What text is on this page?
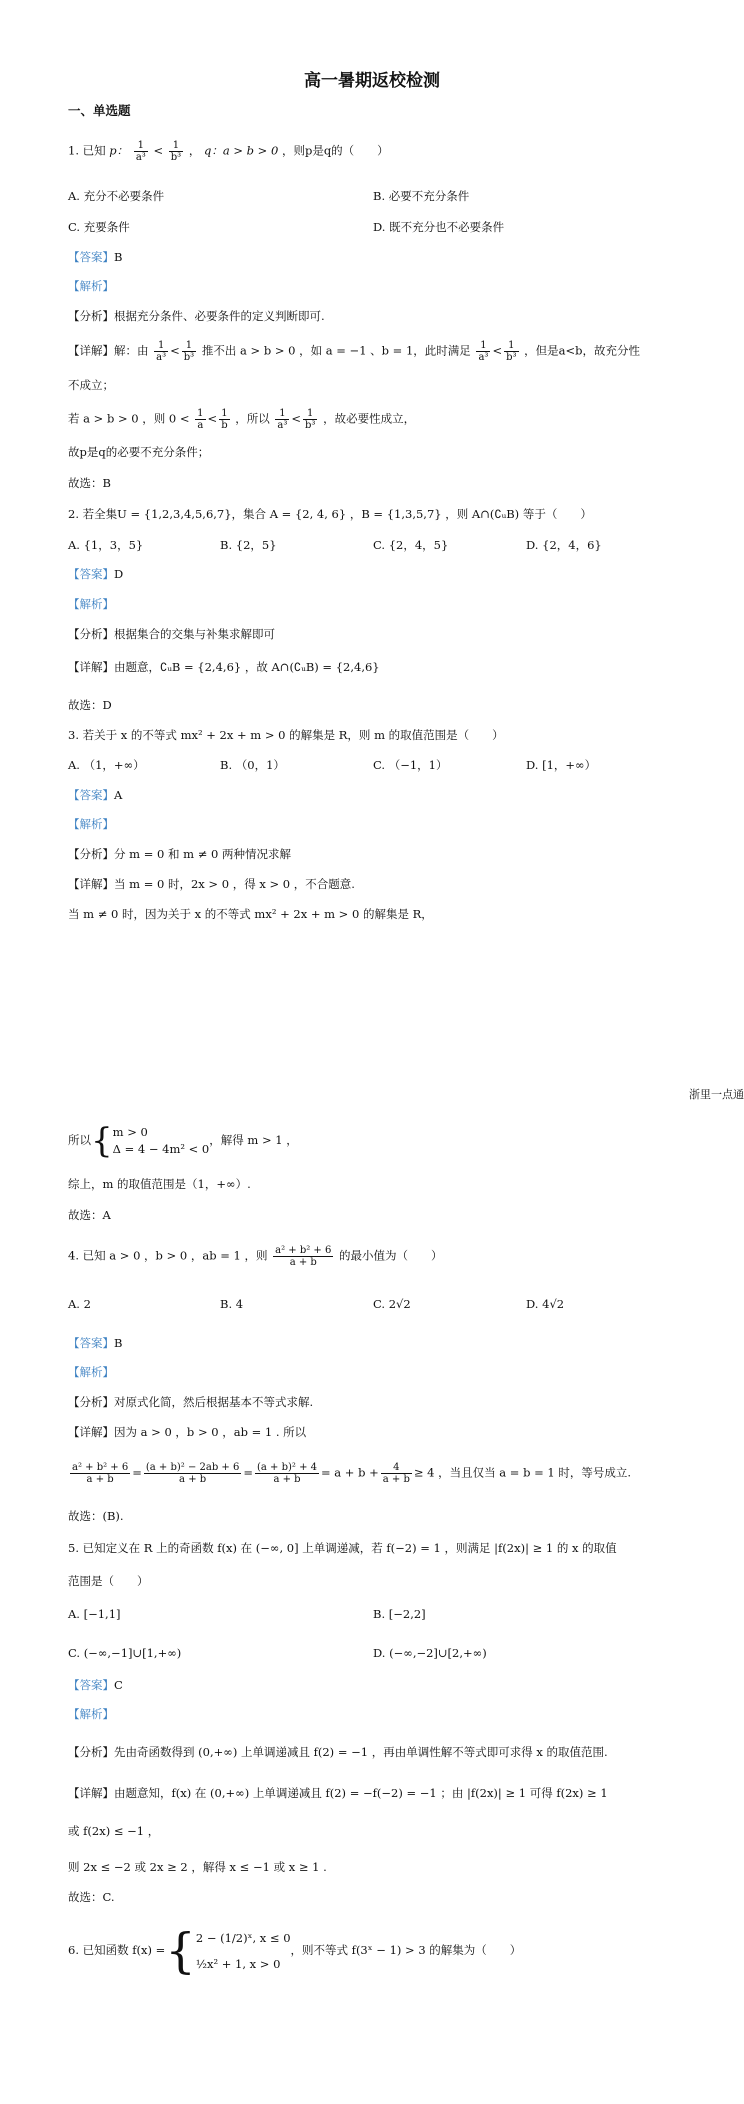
高一暑期返校检测
一、单选题
1. 已知 p： $\frac{1}{\text{a³}} < \frac{1}{\text{b³}}$ ， q：a > b > 0 ，则p是q的（　　）
A. 充分不必要条件	B. 必要不充分条件
C. 充要条件	D. 既不充分也不必要条件
【答案】B
【解析】
【分析】根据充分条件、必要条件的定义判断即可.
【详解】解：由 $\frac{1}{\text{a³}} < \frac{1}{\text{b³}}$ 推不出 a > b > 0 ，如 a = −1 、b = 1，此时满足 $\frac{1}{\text{a³}} < \frac{1}{\text{b³}}$ ，但是a<b，故充分性
不成立；
若 a > b > 0 ，则 $0 < \frac{1}{a} < \frac{1}{b}$ ，所以 $\frac{1}{\text{a³}} < \frac{1}{\text{b³}}$ ，故必要性成立，
故p是q的必要不充分条件；
故选：B
2. 若全集U = {1,2,3,4,5,6,7}，集合 A = {2, 4, 6} ，B = {1,3,5,7} ，则 A∩(∁ᵤB) 等于（　　）
A. {1，3，5}	B. {2，5}	C. {2，4，5}	D. {2，4，6}
【答案】D
【解析】
【分析】根据集合的交集与补集求解即可
【详解】由题意，∁ᵤB = {2,4,6} ，故 A∩(∁ᵤB) = {2,4,6}
故选：D
3. 若关于 x 的不等式 mx² + 2x + m > 0 的解集是 R，则 m 的取值范围是（　　）
A. （1，+∞）	B. （0，1）	C. （−1，1）	D. [1，+∞）
【答案】A
【解析】
【分析】分 m = 0 和 m ≠ 0 两种情况求解
【详解】当 m = 0 时，2x > 0 ，得 x > 0 ，不合题意.
当 m ≠ 0 时，因为关于 x 的不等式 mx² + 2x + m > 0 的解集是 R，
浙里一点通
所以{ m > 0
Δ = 4 − 4m² < 0
，解得 m > 1 ，
综上，m 的取值范围是（1，+∞）.
故选：A
4. 已知 a > 0 ，b > 0 ，ab = 1 ，则 $\frac{\text{a² + b² + 6}}{a + b}$ 的最小值为（　　）
A. 2	B. 4	C. 2√2	D. 4√2
【答案】B
【解析】
【分析】对原式化简，然后根据基本不等式求解.
【详解】因为 a > 0 ，b > 0 ，ab = 1 . 所以
$\frac{\text{a² + b² + 6}}{a + b} = \frac{\text{(a + b)² − 2ab + 6}}{a + b} = \frac{\text{(a + b)² + 4}}{a + b} = a + b + \frac{4}{a + b} \ge 4$ ，当且仅当 a = b = 1 时，等号成立.
故选：(B).
5. 已知定义在 R 上的奇函数 f(x) 在 (−∞, 0] 上单调递减，若 f(−2) = 1 ，则满足 |f(2x)| ≥ 1 的 x 的取值
范围是（　　）
A. [−1,1]	B. [−2,2]
C. (−∞,−1]∪[1,+∞)	D. (−∞,−2]∪[2,+∞)
【答案】C
【解析】
【分析】先由奇函数得到 (0,+∞) 上单调递减且 f(2) = −1 ，再由单调性解不等式即可求得 x 的取值范围.
【详解】由题意知，f(x) 在 (0,+∞) 上单调递减且 f(2) = −f(−2) = −1 ；由 |f(2x)| ≥ 1 可得 f(2x) ≥ 1
或 f(2x) ≤ −1 ，
则 2x ≤ −2 或 2x ≥ 2 ，解得 x ≤ −1 或 x ≥ 1 .
故选：C.
6. 已知函数 f(x) ={ 2 − (1/2)ˣ, x ≤ 0
½x² + 1, x > 0
，则不等式 f(3ˣ − 1) > 3 的解集为（　　）
